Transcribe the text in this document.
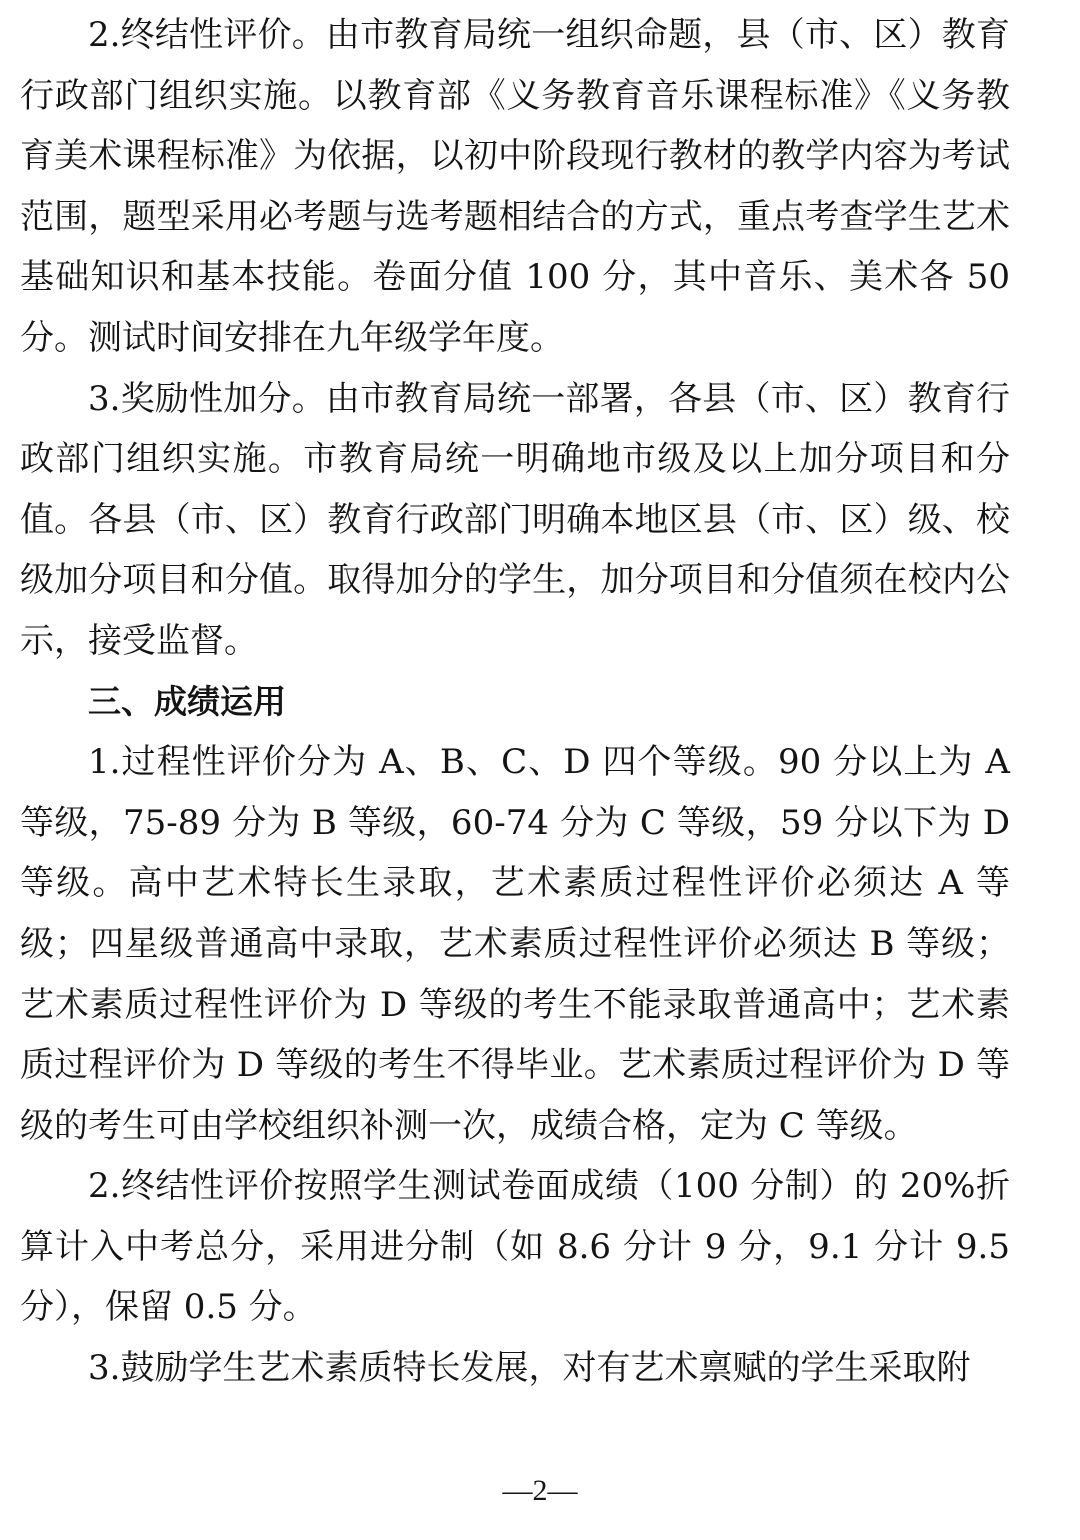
2.终结性评价。由市教育局统一组织命题，县（市、区）教育行政部门组织实施。以教育部《义务教育音乐课程标准》《义务教育美术课程标准》为依据，以初中阶段现行教材的教学内容为考试范围，题型采用必考题与选考题相结合的方式，重点考查学生艺术基础知识和基本技能。卷面分值 100 分，其中音乐、美术各 50 分。测试时间安排在九年级学年度。

3.奖励性加分。由市教育局统一部署，各县（市、区）教育行政部门组织实施。市教育局统一明确地市级及以上加分项目和分值。各县（市、区）教育行政部门明确本地区县（市、区）级、校级加分项目和分值。取得加分的学生，加分项目和分值须在校内公示，接受监督。

三、成绩运用

1.过程性评价分为 A、B、C、D 四个等级。90 分以上为 A 等级，75-89 分为 B 等级，60-74 分为 C 等级，59 分以下为 D 等级。高中艺术特长生录取，艺术素质过程性评价必须达 A 等级；四星级普通高中录取，艺术素质过程性评价必须达 B 等级；艺术素质过程性评价为 D 等级的考生不能录取普通高中；艺术素质过程评价为 D 等级的考生不得毕业。艺术素质过程评价为 D 等级的考生可由学校组织补测一次，成绩合格，定为 C 等级。

2.终结性评价按照学生测试卷面成绩（100 分制）的 20%折算计入中考总分，采用进分制（如 8.6 分计 9 分，9.1 分计 9.5 分），保留 0.5 分。

3.鼓励学生艺术素质特长发展，对有艺术禀赋的学生采取附

—2—
